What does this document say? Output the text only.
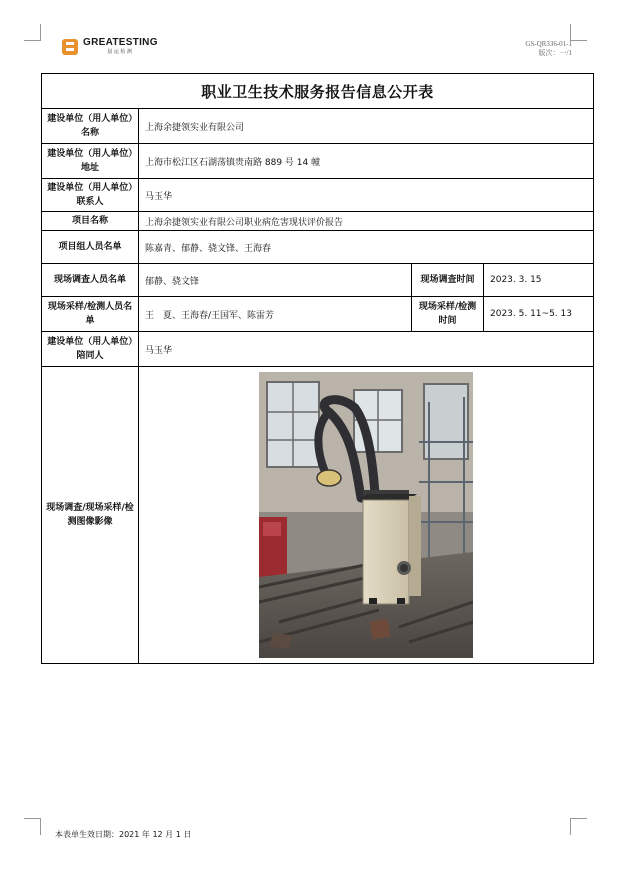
GREATESTING
晨运检测
GS-QR336-01-1
版次：一/1
职业卫生技术服务报告信息公开表			
建设单位（用人单位）名称	上海余捷领实业有限公司		
建设单位（用人单位）地址	上海市松江区石湖荡镇贵南路 889 号 14 幢		
建设单位（用人单位）联系人	马玉华		
项目名称	上海余捷领实业有限公司职业病危害现状评价报告		
项目组人员名单	陈嘉青、郁静、骁文锋、王海春		
现场调查人员名单	郁静、骁文锋	现场调查时间	2023. 3. 15
现场采样/检测人员名单	王　夏、王海春/王国军、陈雷芳	现场采样/检测时间	2023. 5. 11~5. 13
建设单位（用人单位）陪同人	马玉华		
现场调查/现场采样/检测图像影像	
本表单生效日期：2021 年 12 月 1 日
